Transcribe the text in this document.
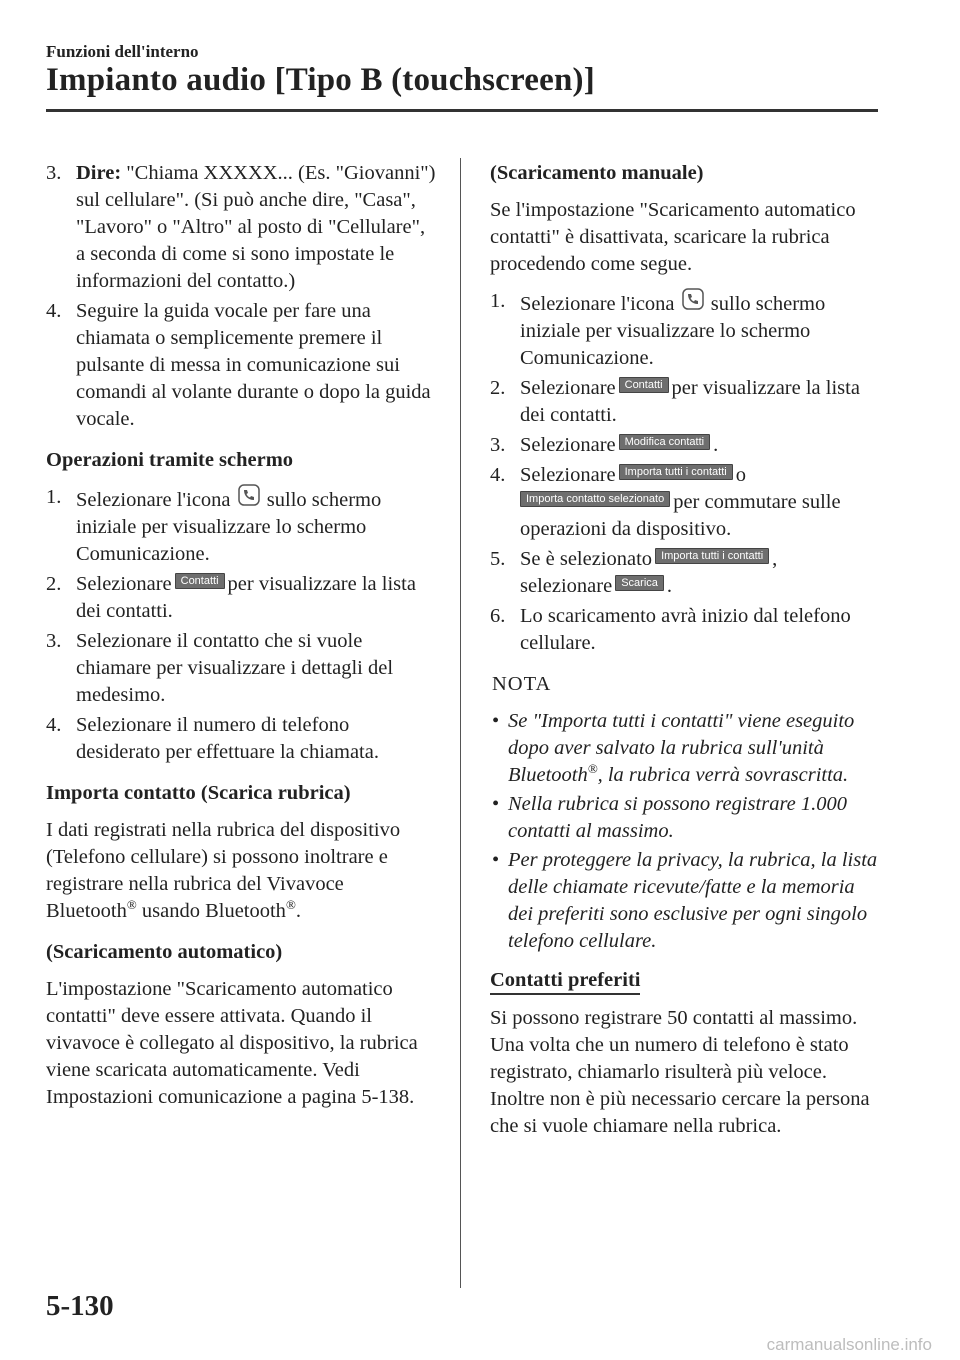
Funzioni dell'interno
Impianto audio [Tipo B (touchscreen)]
3. Dire: "Chiama XXXXX... (Es. "Giovanni") sul cellulare". (Si può anche dire, "Casa", "Lavoro" o "Altro" al posto di "Cellulare", a seconda di come si sono impostate le informazioni del contatto.)
4. Seguire la guida vocale per fare una chiamata o semplicemente premere il pulsante di messa in comunicazione sui comandi al volante durante o dopo la guida vocale.
Operazioni tramite schermo
1. Selezionare l'icona sullo schermo iniziale per visualizzare lo schermo Comunicazione.
2. Selezionare Contatti per visualizzare la lista dei contatti.
3. Selezionare il contatto che si vuole chiamare per visualizzare i dettagli del medesimo.
4. Selezionare il numero di telefono desiderato per effettuare la chiamata.
Importa contatto (Scarica rubrica)
I dati registrati nella rubrica del dispositivo (Telefono cellulare) si possono inoltrare e registrare nella rubrica del Vivavoce Bluetooth® usando Bluetooth®.
(Scaricamento automatico)
L'impostazione "Scaricamento automatico contatti" deve essere attivata. Quando il vivavoce è collegato al dispositivo, la rubrica viene scaricata automaticamente. Vedi Impostazioni comunicazione a pagina 5-138.
(Scaricamento manuale)
Se l'impostazione "Scaricamento automatico contatti" è disattivata, scaricare la rubrica procedendo come segue.
1. Selezionare l'icona sullo schermo iniziale per visualizzare lo schermo Comunicazione.
2. Selezionare Contatti per visualizzare la lista dei contatti.
3. Selezionare Modifica contatti .
4. Selezionare Importa tutti i contatti o
Importa contatto selezionato per commutare sulle operazioni da dispositivo.
5. Se è selezionato Importa tutti i contatti ,
selezionare Scarica .
6. Lo scaricamento avrà inizio dal telefono cellulare.
NOTA
• Se "Importa tutti i contatti" viene eseguito dopo aver salvato la rubrica sull'unità Bluetooth®, la rubrica verrà sovrascritta.
• Nella rubrica si possono registrare 1.000 contatti al massimo.
• Per proteggere la privacy, la rubrica, la lista delle chiamate ricevute/fatte e la memoria dei preferiti sono esclusive per ogni singolo telefono cellulare.
Contatti preferiti
Si possono registrare 50 contatti al massimo. Una volta che un numero di telefono è stato registrato, chiamarlo risulterà più veloce. Inoltre non è più necessario cercare la persona che si vuole chiamare nella rubrica.
5-130
carmanualsonline.info
